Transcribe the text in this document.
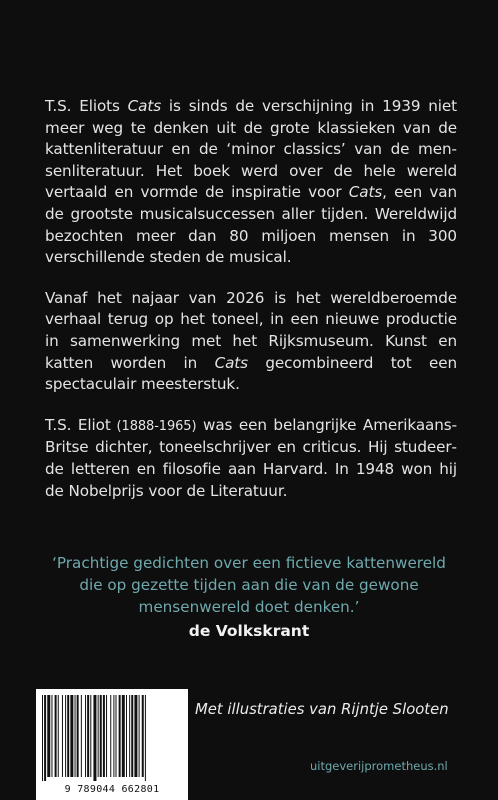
T.S. Eliots Cats is sinds de verschijning in 1939 niet meer weg te denken uit de grote klassieken van de kattenliteratuur en de ‘minor classics’ van de mensenliteratuur. Het boek werd over de hele wereld vertaald en vormde de inspiratie voor Cats, een van de grootste musicalsuccessen aller tijden. Wereldwijd bezochten meer dan 80 miljoen mensen in 300 verschillende steden de musical.

Vanaf het najaar van 2026 is het wereldberoemde verhaal terug op het toneel, in een nieuwe productie in samenwerking met het Rijksmuseum. Kunst en katten worden in Cats gecombineerd tot een spectaculair meesterstuk.

T.S. Eliot (1888-1965) was een belangrijke Amerikaans-Britse dichter, toneelschrijver en criticus. Hij studeerde letteren en filosofie aan Harvard. In 1948 won hij de Nobelprijs voor de Literatuur.

‘Prachtige gedichten over een fictieve kattenwereld die op gezette tijden aan die van de gewone mensenwereld doet denken.’

de Volkskrant
9 789044 662801
Met illustraties van Rijntje Slooten
uitgeverijprometheus.nl
